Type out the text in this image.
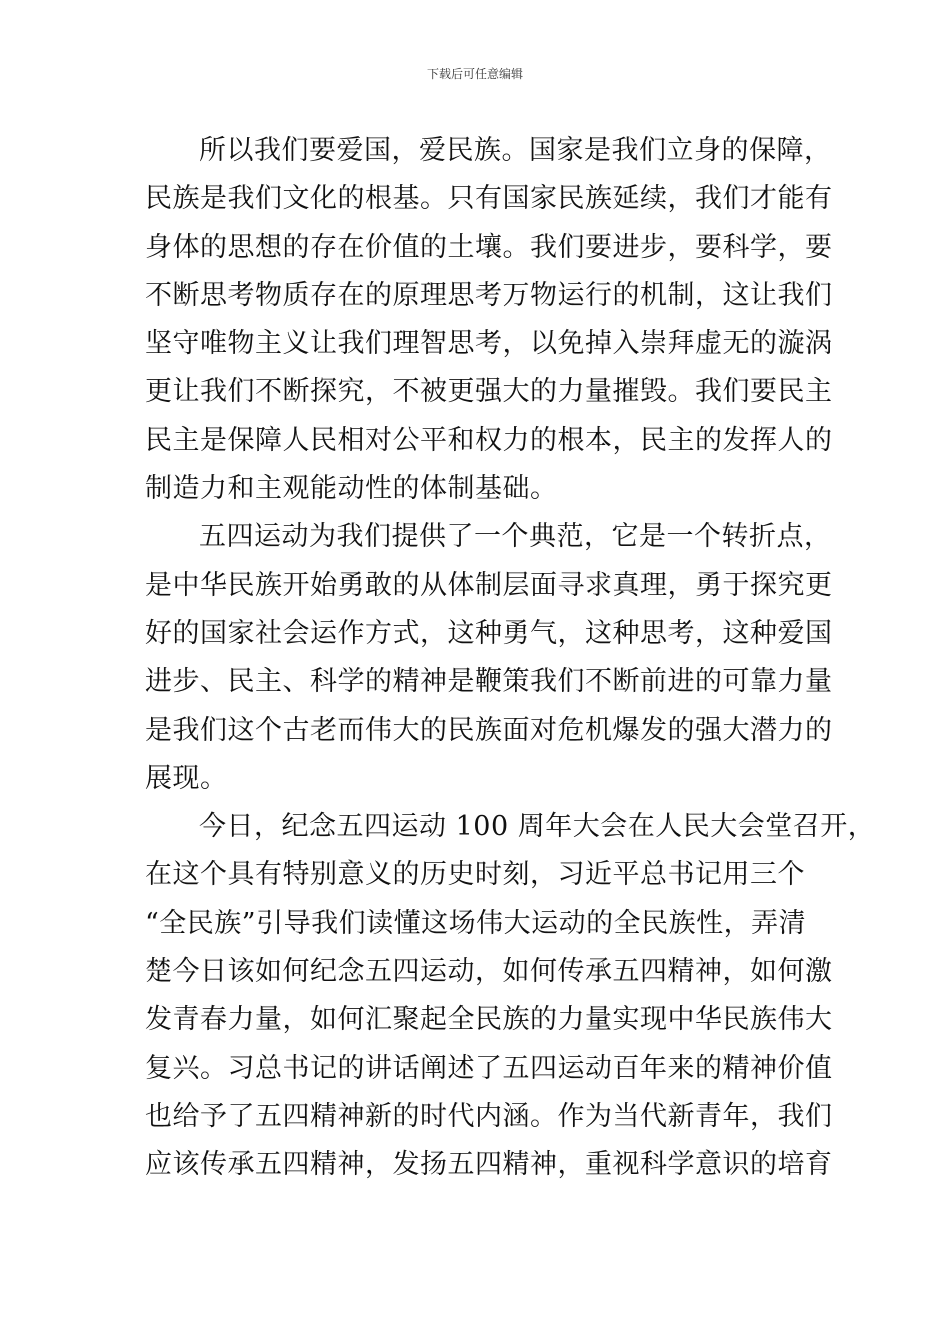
下载后可任意编辑
所以我们要爱国，爱民族。国家是我们立身的保障，
民族是我们文化的根基。只有国家民族延续，我们才能有
身体的思想的存在价值的土壤。我们要进步，要科学，要
不断思考物质存在的原理思考万物运行的机制，这让我们
坚守唯物主义让我们理智思考，以免掉入崇拜虚无的漩涡
更让我们不断探究，不被更强大的力量摧毁。我们要民主
民主是保障人民相对公平和权力的根本，民主的发挥人的
制造力和主观能动性的体制基础。
五四运动为我们提供了一个典范，它是一个转折点，
是中华民族开始勇敢的从体制层面寻求真理，勇于探究更
好的国家社会运作方式，这种勇气，这种思考，这种爱国
进步、民主、科学的精神是鞭策我们不断前进的可靠力量
是我们这个古老而伟大的民族面对危机爆发的强大潜力的
展现。
今日，纪念五四运动 100 周年大会在人民大会堂召开，
在这个具有特别意义的历史时刻，习近平总书记用三个
“全民族”引导我们读懂这场伟大运动的全民族性，弄清
楚今日该如何纪念五四运动，如何传承五四精神，如何激
发青春力量，如何汇聚起全民族的力量实现中华民族伟大
复兴。习总书记的讲话阐述了五四运动百年来的精神价值
也给予了五四精神新的时代内涵。作为当代新青年，我们
应该传承五四精神，发扬五四精神，重视科学意识的培育
